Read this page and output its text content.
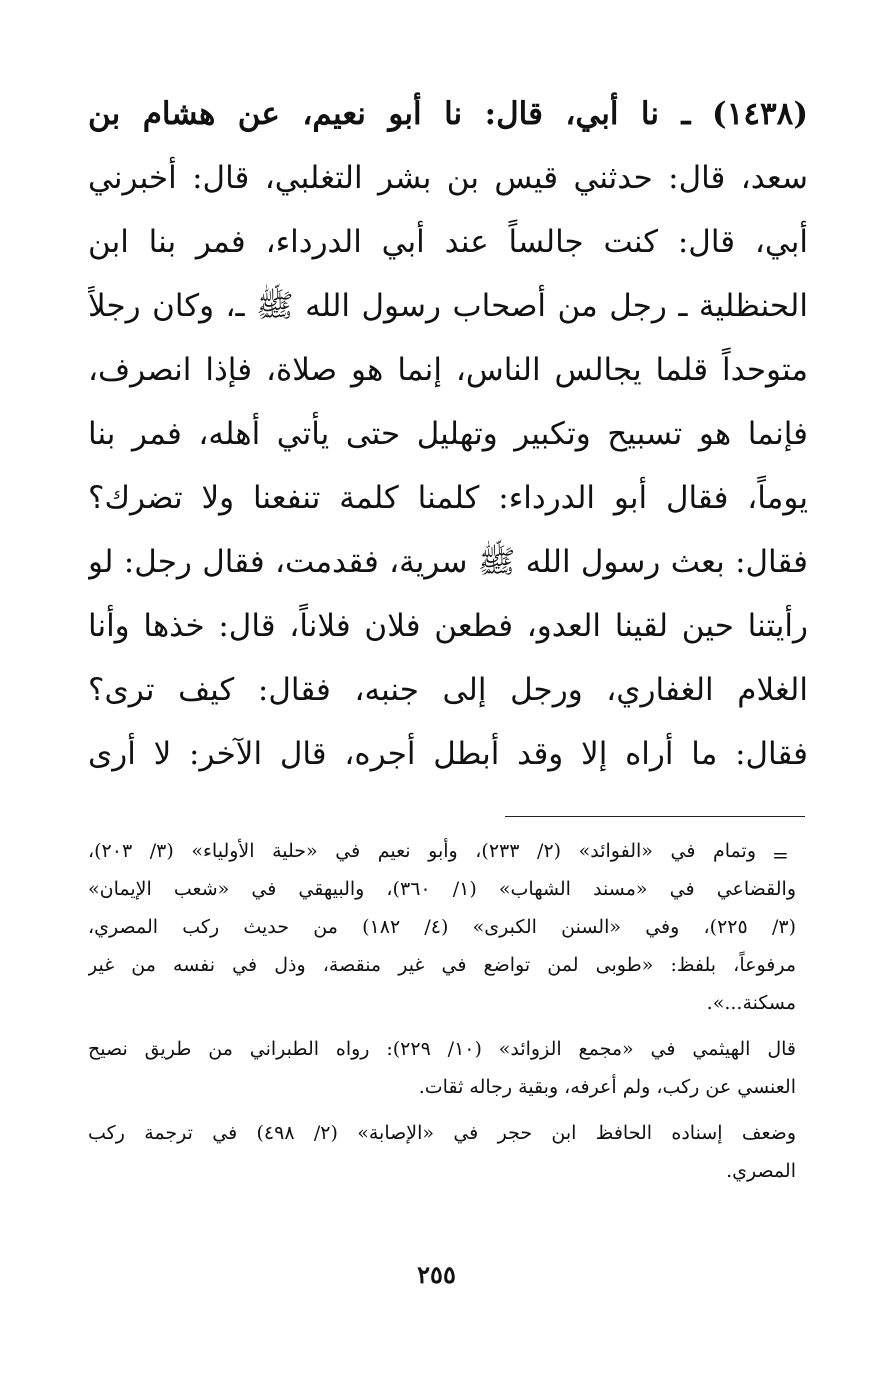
(١٤٣٨) ـ نا أبي، قال: نا أبو نعيم، عن هشام بن
سعد، قال: حدثني قيس بن بشر التغلبي، قال: أخبرني
أبي، قال: كنت جالساً عند أبي الدرداء، فمر بنا ابن
الحنظلية ـ رجل من أصحاب رسول الله ﷺ ـ، وكان رجلاً
متوحداً قلما يجالس الناس، إنما هو صلاة، فإذا انصرف،
فإنما هو تسبيح وتكبير وتهليل حتى يأتي أهله، فمر بنا
يوماً، فقال أبو الدرداء: كلمنا كلمة تنفعنا ولا تضرك؟
فقال: بعث رسول الله ﷺ سرية، فقدمت، فقال رجل: لو
رأيتنا حين لقينا العدو، فطعن فلان فلاناً، قال: خذها وأنا
الغلام الغفاري، ورجل إلى جنبه، فقال: كيف ترى؟
فقال: ما أراه إلا وقد أبطل أجره، قال الآخر: لا أرى
=
وتمام في «الفوائد» (٢/ ٢٣٣)، وأبو نعيم في «حلية الأولياء» (٣/ ٢٠٣)،
والقضاعي في «مسند الشهاب» (١/ ٣٦٠)، والبيهقي في «شعب الإيمان»
(٣/ ٢٢٥)، وفي «السنن الكبرى» (٤/ ١٨٢) من حديث ركب المصري،
مرفوعاً، بلفظ: «طوبى لمن تواضع في غير منقصة، وذل في نفسه من غير
مسكنة...».
قال الهيثمي في «مجمع الزوائد» (١٠/ ٢٢٩): رواه الطبراني من طريق نصيح
العنسي عن ركب، ولم أعرفه، وبقية رجاله ثقات.
وضعف إسناده الحافظ ابن حجر في «الإصابة» (٢/ ٤٩٨) في ترجمة ركب
المصري.
٢٥٥
